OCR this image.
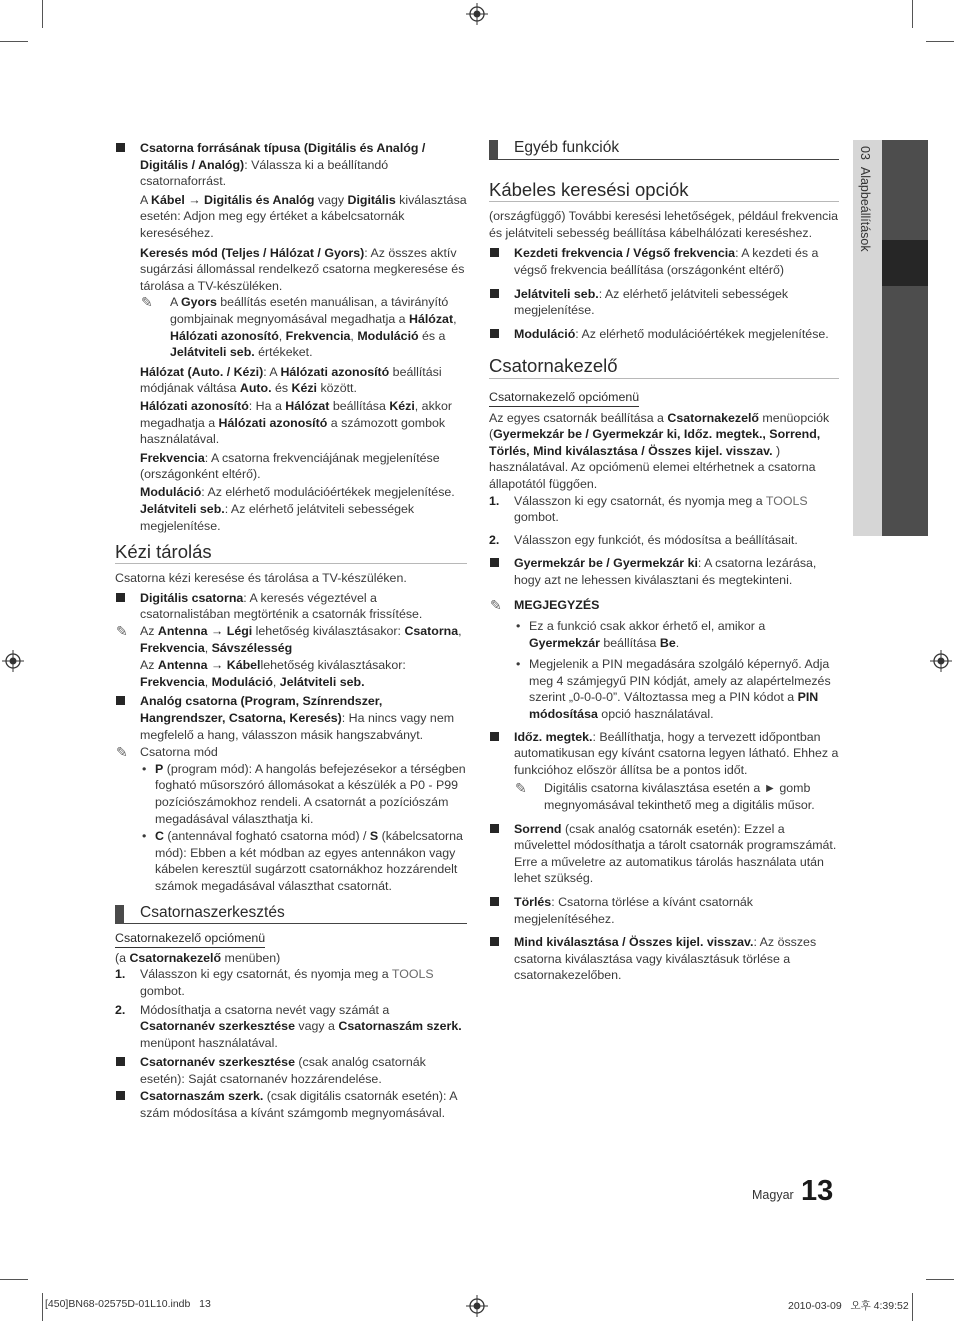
03  Alapbeállítások

Csatorna forrásának típusa (Digitális és Analóg / Digitális / Analóg): Válassza ki a beállítandó csatornaforrást.

A Kábel → Digitális és Analóg vagy Digitális kiválasztása esetén: Adjon meg egy értéket a kábelcsatornák kereséséhez.

Keresés mód (Teljes / Hálózat / Gyors): Az összes aktív sugárzási állomással rendelkező csatorna megkeresése és tárolása a TV-készüléken.

✎ A Gyors beállítás esetén manuálisan, a távirányító gombjainak megnyomásával megadhatja a Hálózat, Hálózati azonosító, Frekvencia, Moduláció és a Jelátviteli seb. értékeket.

Hálózat (Auto. / Kézi): A Hálózati azonosító beállítási módjának váltása Auto. és Kézi között.

Hálózati azonosító: Ha a Hálózat beállítása Kézi, akkor megadhatja a Hálózati azonosító a számozott gombok használatával.

Frekvencia: A csatorna frekvenciájának megjelenítése (országonként eltérő).

Moduláció: Az elérhető modulációértékek megjelenítése.

Jelátviteli seb.: Az elérhető jelátviteli sebességek megjelenítése.

Kézi tárolás

Csatorna kézi keresése és tárolása a TV-készüléken.

Digitális csatorna: A keresés végeztével a csatornalistában megtörténik a csatornák frissítése.

✎ Az Antenna → Légi lehetőség kiválasztásakor: Csatorna, Frekvencia, Sávszélesség

Az Antenna → Kábellehetőség kiválasztásakor: Frekvencia, Moduláció, Jelátviteli seb.

Analóg csatorna (Program, Színrendszer, Hangrendszer, Csatorna, Keresés): Ha nincs vagy nem megfelelő a hang, válasszon másik hangszabványt.

✎ Csatorna mód

• P (program mód): A hangolás befejezésekor a térségben fogható műsorszóró állomásokat a készülék a P0 - P99 pozíciószámokhoz rendeli. A csatornát a pozíciószám megadásával választhatja ki.

• C (antennával fogható csatorna mód) / S (kábelcsatorna mód): Ebben a két módban az egyes antennákon vagy kábelen keresztül sugárzott csatornákhoz hozzárendelt számok megadásával választhat csatornát.

Csatornaszerkesztés

Csatornakezelő opciómenü

(a Csatornakezelő menüben)

1. Válasszon ki egy csatornát, és nyomja meg a TOOLS gombot.

2. Módosíthatja a csatorna nevét vagy számát a Csatornanév szerkesztése vagy a Csatornaszám szerk. menüpont használatával.

Csatornanév szerkesztése (csak analóg csatornák esetén): Saját csatornanév hozzárendelése.

Csatornaszám szerk. (csak digitális csatornák esetén): A szám módosítása a kívánt számgomb megnyomásával.

Egyéb funkciók
Kábeles keresési opciók

(országfüggő) További keresési lehetőségek, például frekvencia és jelátviteli sebesség beállítása kábelhálózati kereséshez.

Kezdeti frekvencia / Végső frekvencia: A kezdeti és a végső frekvencia beállítása (országonként eltérő)

Jelátviteli seb.: Az elérhető jelátviteli sebességek megjelenítése.

Moduláció: Az elérhető modulációértékek megjelenítése.

Csatornakezelő

Csatornakezelő opciómenü

Az egyes csatornák beállítása a Csatornakezelő menüopciók (Gyermekzár be / Gyermekzár ki, Időz. megtek., Sorrend, Törlés, Mind kiválasztása / Összes kijel. visszav. ) használatával. Az opciómenü elemei eltérhetnek a csatorna állapotától függően.

1. Válasszon ki egy csatornát, és nyomja meg a TOOLS gombot.

2. Válasszon egy funkciót, és módosítsa a beállításait.

Gyermekzár be / Gyermekzár ki: A csatorna lezárása, hogy azt ne lehessen kiválasztani és megtekinteni.

✎ MEGJEGYZÉS

• Ez a funkció csak akkor érhető el, amikor a Gyermekzár beállítása Be.

• Megjelenik a PIN megadására szolgáló képernyő. Adja meg 4 számjegyű PIN kódját, amely az alapértelmezés szerint „0-0-0-0”. Változtassa meg a PIN kódot a PIN módosítása opció használatával.

Időz. megtek.: Beállíthatja, hogy a tervezett időpontban automatikusan egy kívánt csatorna legyen látható. Ehhez a funkcióhoz először állítsa be a pontos időt.

✎ Digitális csatorna kiválasztása esetén a ► gomb megnyomásával tekinthető meg a digitális műsor.

Sorrend (csak analóg csatornák esetén): Ezzel a művelettel módosíthatja a tárolt csatornák programszámát. Erre a műveletre az automatikus tárolás használata után lehet szükség.

Törlés: Csatorna törlése a kívánt csatornák megjelenítéséhez.

Mind kiválasztása / Összes kijel. visszav.: Az összes csatorna kiválasztása vagy kiválasztásuk törlése a csatornakezelőben.

Magyar 13
[450]BN68-02575D-01L10.indb   13	2010-03-09   오후 4:39:52
